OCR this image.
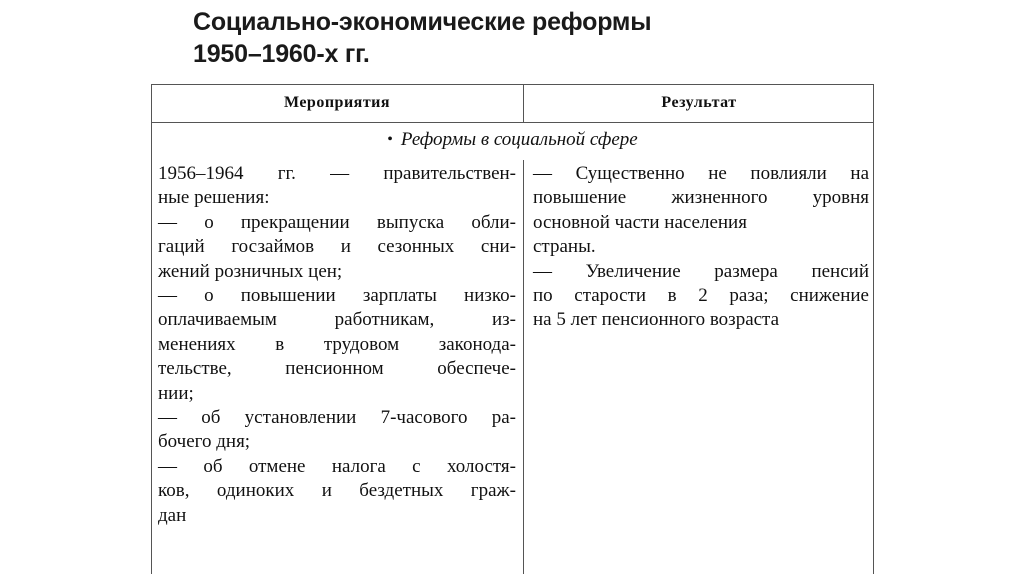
Социально-экономические реформы
1950–1960-х гг.
Мероприятия	Результат
• Реформы в социальной сфере
1956–1964 гг. — правительствен-
ные решения:
— о прекращении выпуска обли-
гаций госзаймов и сезонных сни-
жений розничных цен;
— о повышении зарплаты низко-
оплачиваемым работникам, из-
менениях в трудовом законода-
тельстве, пенсионном обеспече-
нии;
— об установлении 7-часового ра-
бочего дня;
— об отмене налога с холостя-
ков, одиноких и бездетных граж-
дан
— Существенно не повлияли на
повышение жизненного уровня
основной части населения
страны.
— Увеличение размера пенсий
по старости в 2 раза; снижение
на 5 лет пенсионного возраста
